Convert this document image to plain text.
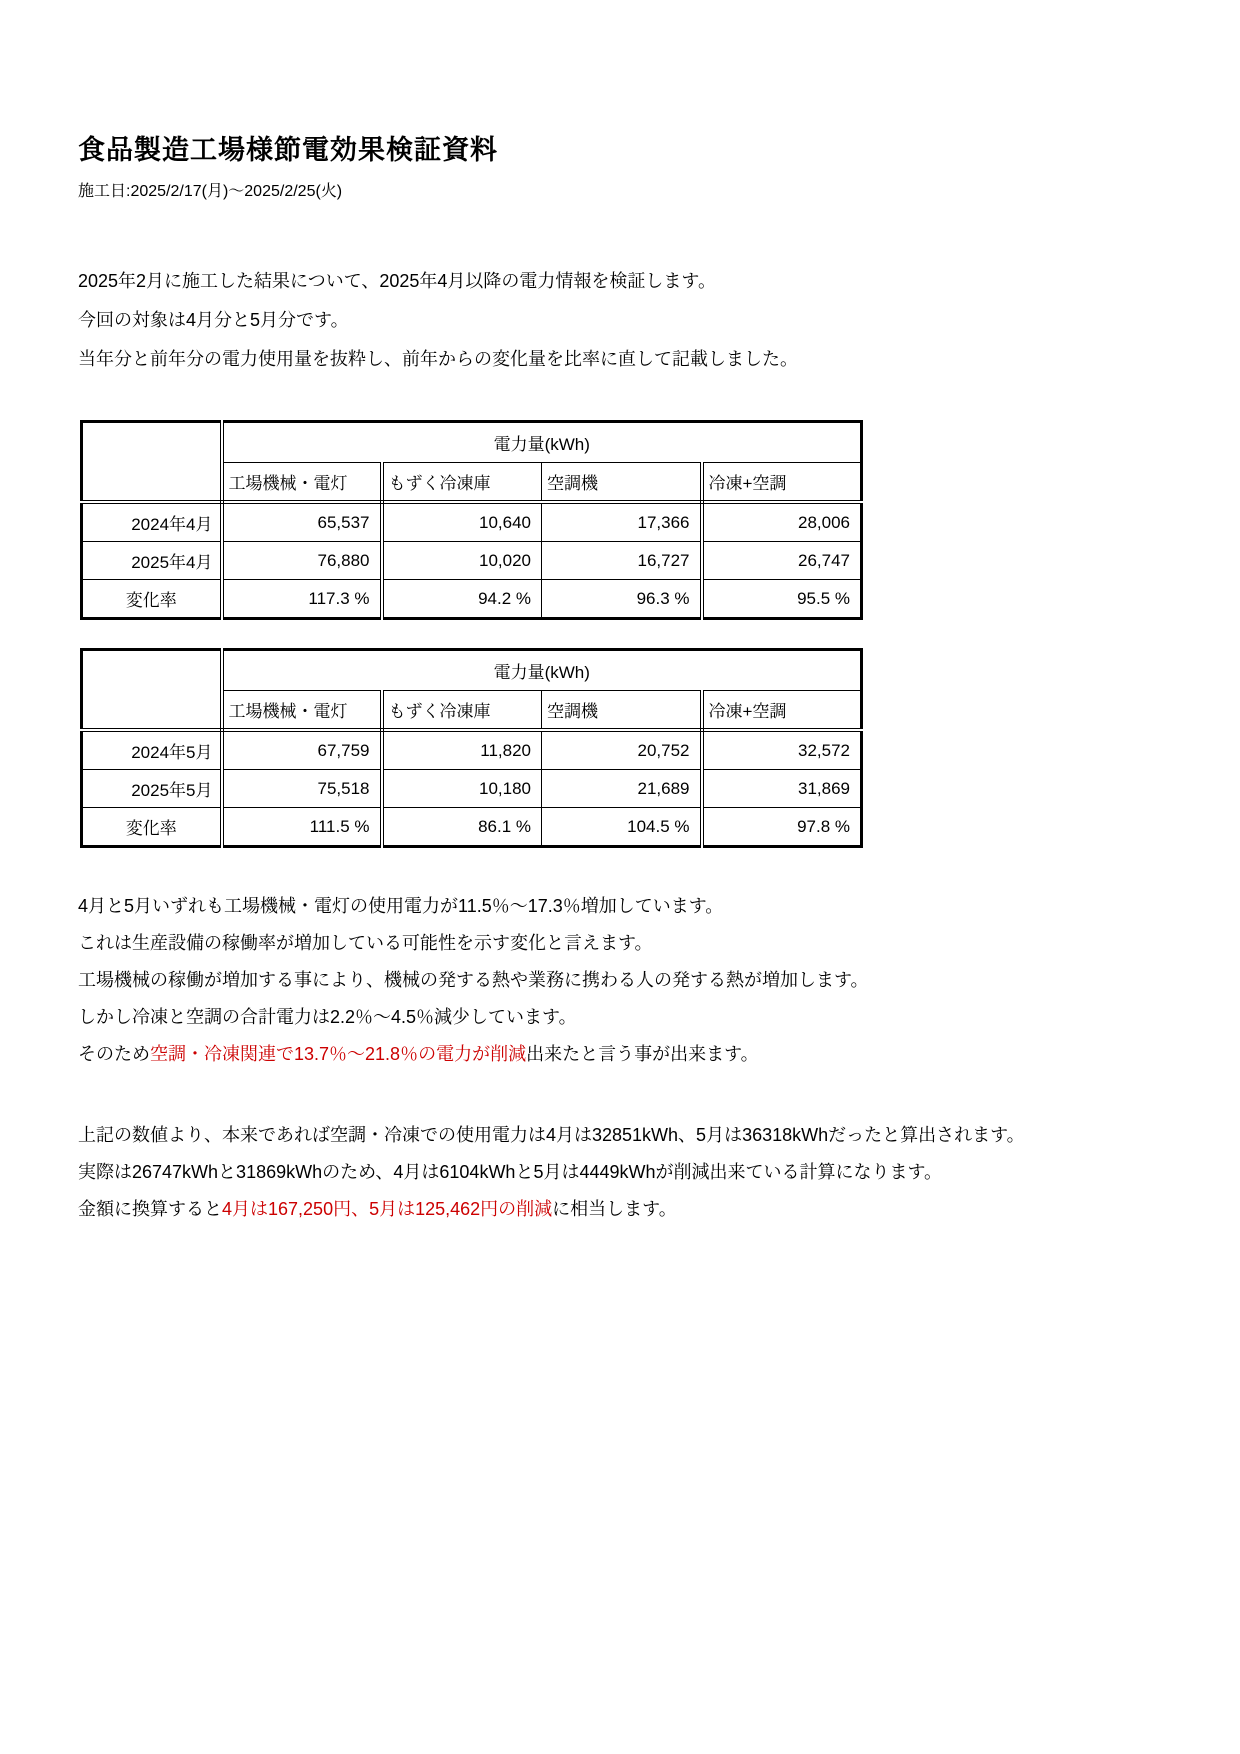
食品製造工場様節電効果検証資料
施工日:2025/2/17(月)～2025/2/25(火)
2025年2月に施工した結果について、2025年4月以降の電力情報を検証します。
今回の対象は4月分と5月分です。
当年分と前年分の電力使用量を抜粋し、前年からの変化量を比率に直して記載しました。
	電力量(kWh)			
	工場機械・電灯	もずく冷凍庫	空調機	冷凍+空調
2024年4月	65,537	10,640	17,366	28,006
2025年4月	76,880	10,020	16,727	26,747
変化率	117.3 %	94.2 %	96.3 %	95.5 %
	電力量(kWh)			
	工場機械・電灯	もずく冷凍庫	空調機	冷凍+空調
2024年5月	67,759	11,820	20,752	32,572
2025年5月	75,518	10,180	21,689	31,869
変化率	111.5 %	86.1 %	104.5 %	97.8 %
4月と5月いずれも工場機械・電灯の使用電力が11.5％～17.3％増加しています。
これは生産設備の稼働率が増加している可能性を示す変化と言えます。
工場機械の稼働が増加する事により、機械の発する熱や業務に携わる人の発する熱が増加します。
しかし冷凍と空調の合計電力は2.2％～4.5％減少しています。
そのため空調・冷凍関連で13.7％～21.8％の電力が削減出来たと言う事が出来ます。
上記の数値より、本来であれば空調・冷凍での使用電力は4月は32851kWh、5月は36318kWhだったと算出されます。
実際は26747kWhと31869kWhのため、4月は6104kWhと5月は4449kWhが削減出来ている計算になります。
金額に換算すると4月は167,250円、5月は125,462円の削減に相当します。
